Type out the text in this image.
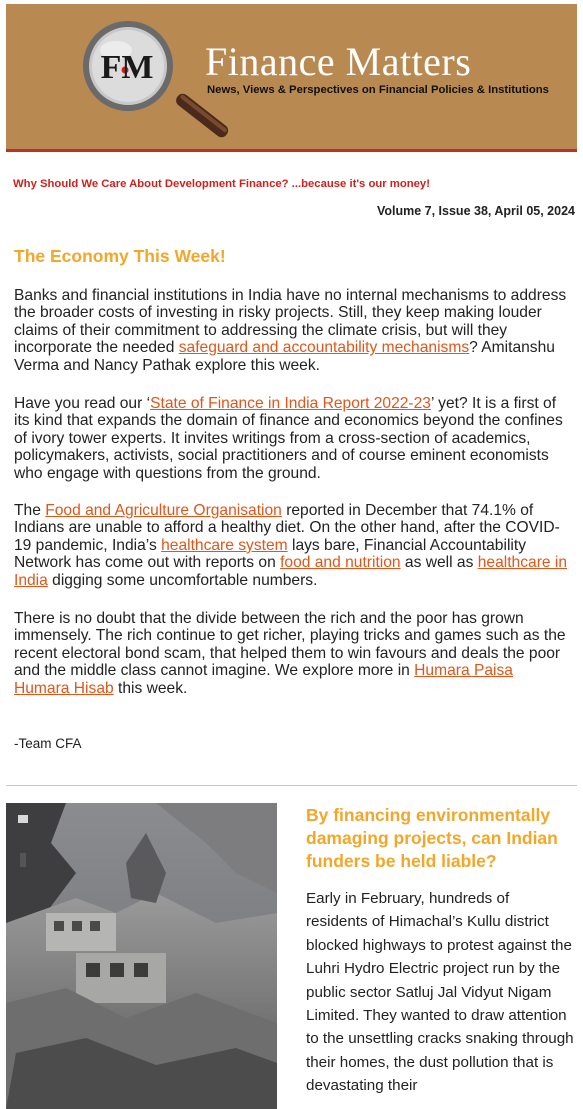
FM Finance Matters
News, Views & Perspectives on Financial Policies & Institutions
Why Should We Care About Development Finance? ...because it's our money!
Volume 7, Issue 38, April 05, 2024
The Economy This Week!
Banks and financial institutions in India have no internal mechanisms to address the broader costs of investing in risky projects. Still, they keep making louder claims of their commitment to addressing the climate crisis, but will they incorporate the needed safeguard and accountability mechanisms? Amitanshu Verma and Nancy Pathak explore this week.
Have you read our ‘State of Finance in India Report 2022-23’ yet? It is a first of its kind that expands the domain of finance and economics beyond the confines of ivory tower experts. It invites writings from a cross-section of academics, policymakers, activists, social practitioners and of course eminent economists who engage with questions from the ground.
The Food and Agriculture Organisation reported in December that 74.1% of Indians are unable to afford a healthy diet. On the other hand, after the COVID-19 pandemic, India’s healthcare system lays bare, Financial Accountability Network has come out with reports on food and nutrition as well as healthcare in India digging some uncomfortable numbers.
There is no doubt that the divide between the rich and the poor has grown immensely. The rich continue to get richer, playing tricks and games such as the recent electoral bond scam, that helped them to win favours and deals the poor and the middle class cannot imagine. We explore more in Humara Paisa Humara Hisab this week.
-Team CFA
By financing environmentally damaging projects, can Indian funders be held liable?
Early in February, hundreds of residents of Himachal’s Kullu district blocked highways to protest against the Luhri Hydro Electric project run by the public sector Satluj Jal Vidyut Nigam Limited. They wanted to draw attention to the unsettling cracks snaking through their homes, the dust pollution that is devastating their
